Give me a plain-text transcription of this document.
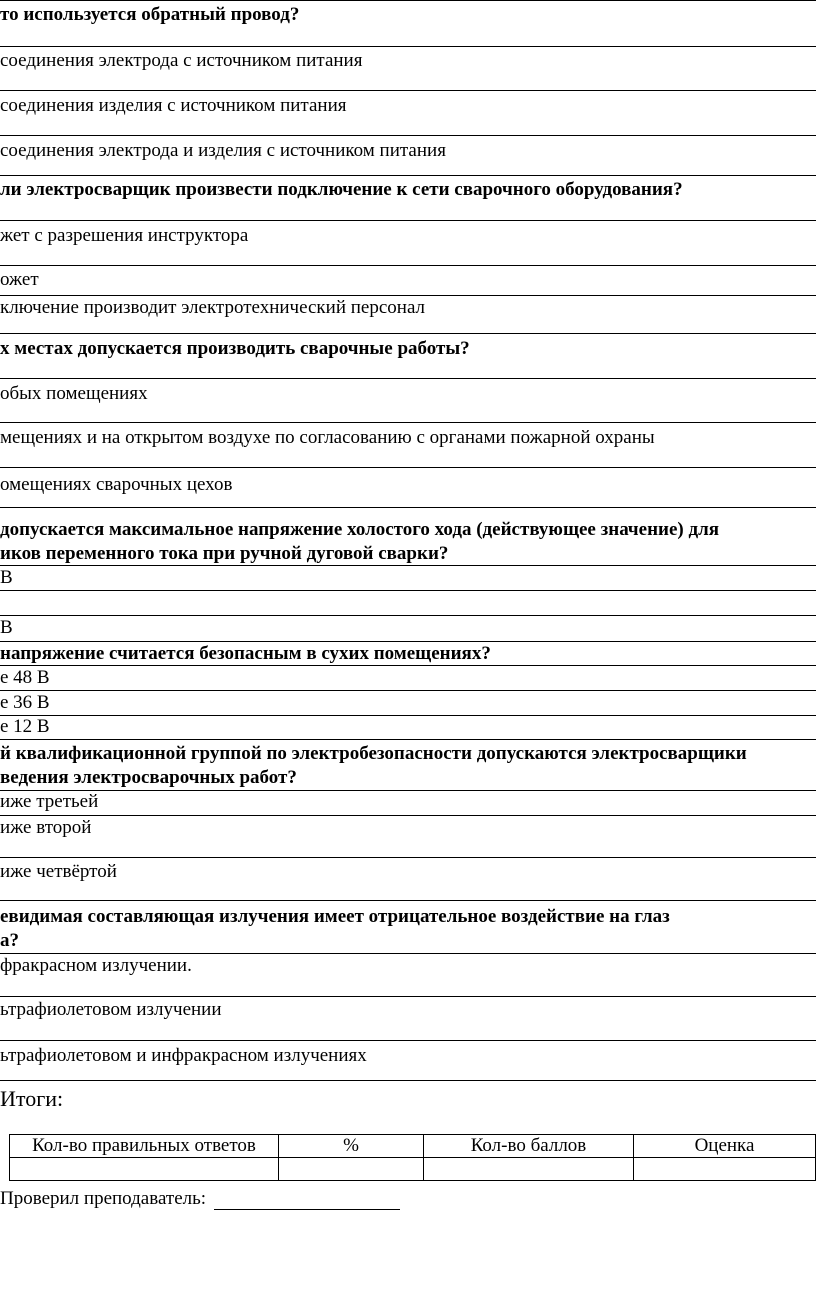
то используется обратный провод?
соединения электрода с источником питания
соединения изделия с источником питания
соединения электрода и изделия с источником питания
ли электросварщик произвести подключение к сети сварочного оборудования?
жет с разрешения инструктора
ожет
ключение производит электротехнический персонал
х местах допускается производить сварочные работы?
обых помещениях
мещениях и на открытом воздухе по согласованию с органами пожарной охраны
омещениях сварочных цехов
допускается максимальное напряжение холостого хода (действующее значение) для
иков переменного тока при ручной дуговой сварки?
В
В
напряжение считается безопасным в сухих помещениях?
е 48 В
е 36 В
е 12 В
й квалификационной группой по электробезопасности допускаются электросварщики
ведения электросварочных работ?
иже третьей
иже второй
иже четвёртой
евидимая составляющая излучения имеет отрицательное воздействие на глаз
а?
фракрасном излучении.
ьтрафиолетовом излучении
ьтрафиолетовом и инфракрасном излучениях
Итоги:
Кол-во правильных ответов	%	Кол-во баллов	Оценка

Проверил преподаватель:
